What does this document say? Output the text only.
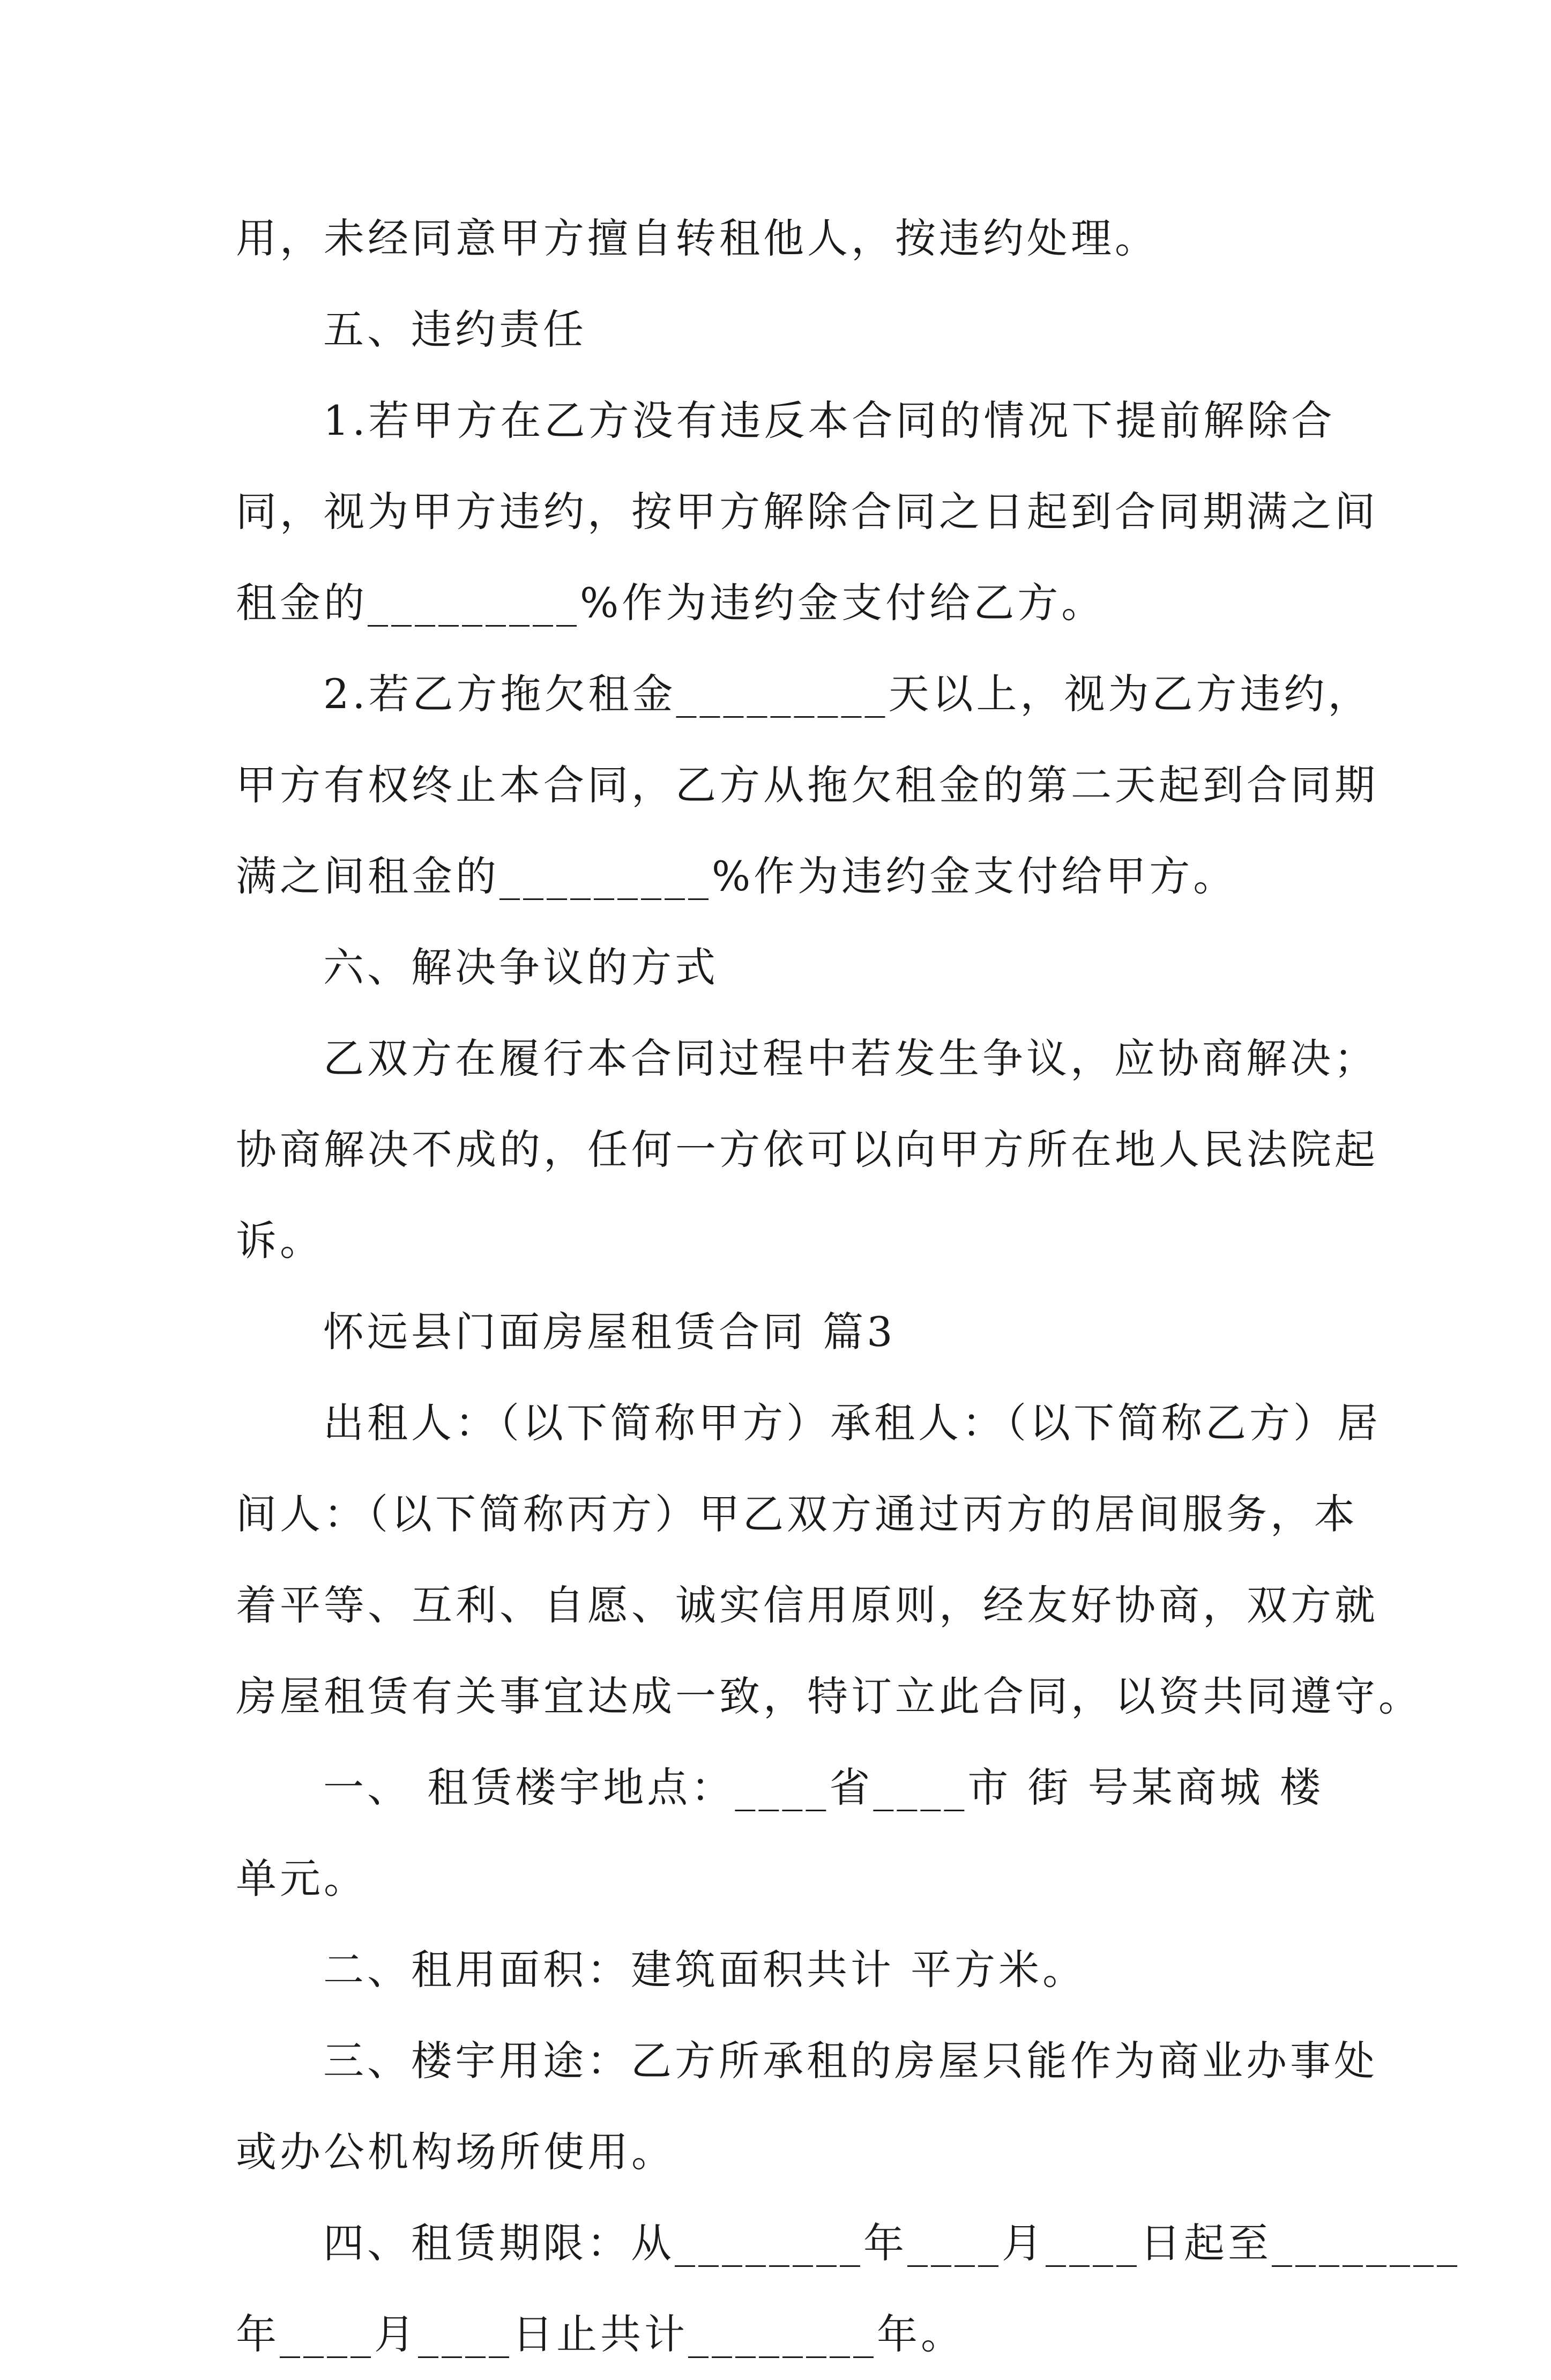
用，未经同意甲方擅自转租他人，按违约处理。
五、违约责任
1.若甲方在乙方没有违反本合同的情况下提前解除合
同，视为甲方违约，按甲方解除合同之日起到合同期满之间
租金的_________%作为违约金支付给乙方。
2.若乙方拖欠租金_________天以上，视为乙方违约，
甲方有权终止本合同，乙方从拖欠租金的第二天起到合同期
满之间租金的_________%作为违约金支付给甲方。
六、解决争议的方式
乙双方在履行本合同过程中若发生争议，应协商解决；
协商解决不成的，任何一方依可以向甲方所在地人民法院起
诉。
怀远县门面房屋租赁合同 篇3
出租人：（以下简称甲方）承租人：（以下简称乙方）居
间人：（以下简称丙方）甲乙双方通过丙方的居间服务，本
着平等、互利、自愿、诚实信用原则，经友好协商，双方就
房屋租赁有关事宜达成一致，特订立此合同，以资共同遵守。
一、 租赁楼宇地点：____省____市 街 号某商城 楼
单元。
二、租用面积：建筑面积共计 平方米。
三、楼宇用途：乙方所承租的房屋只能作为商业办事处
或办公机构场所使用。
四、租赁期限：从________年____月____日起至________
年____月____日止共计________年。
